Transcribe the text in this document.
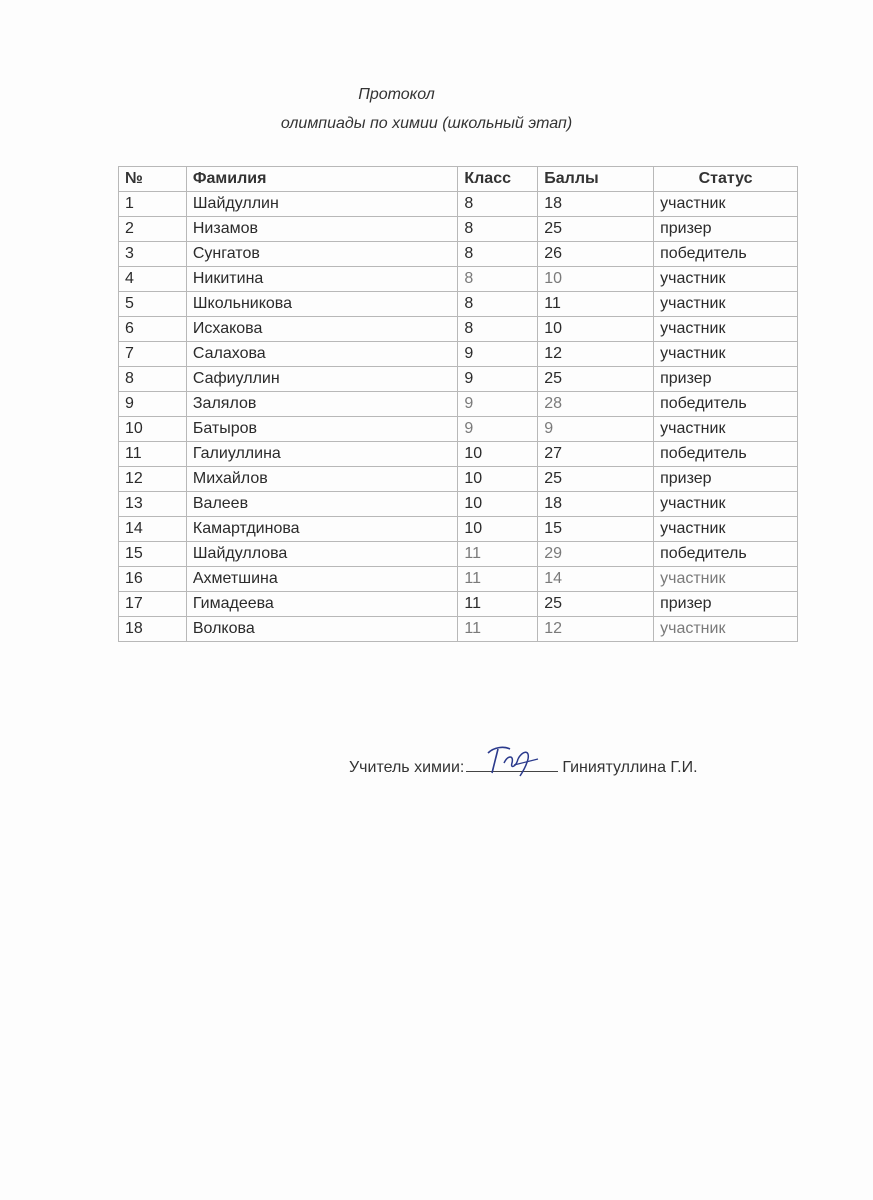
Протокол
олимпиады по химии (школьный этап)
№	Фамилия	Класс	Баллы	Статус
1	Шайдуллин	8	18	участник
2	Низамов	8	25	призер
3	Сунгатов	8	26	победитель
4	Никитина	8	10	участник
5	Школьникова	8	11	участник
6	Исхакова	8	10	участник
7	Салахова	9	12	участник
8	Сафиуллин	9	25	призер
9	Залялов	9	28	победитель
10	Батыров	9	9	участник
11	Галиуллина	10	27	победитель
12	Михайлов	10	25	призер
13	Валеев	10	18	участник
14	Камартдинова	10	15	участник
15	Шайдуллова	11	29	победитель
16	Ахметшина	11	14	участник
17	Гимадеева	11	25	призер
18	Волкова	11	12	участник
Учитель химии:	Гиниятуллина Г.И.
